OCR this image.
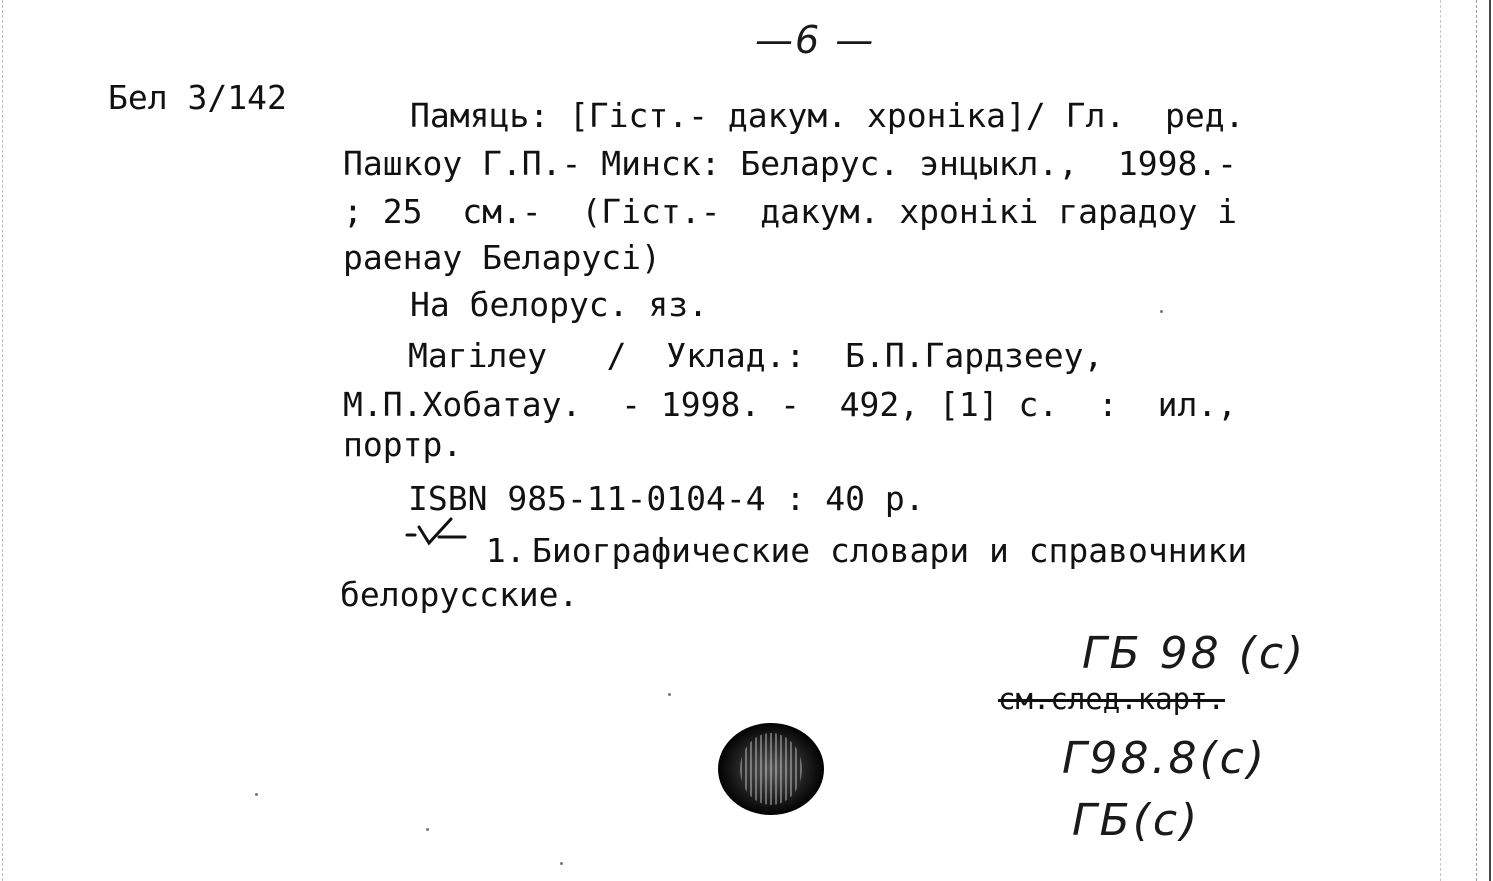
—6 —
Бел 3/142	Памяць: [Гіст.- дакум. хроніка]/ Гл.  ред.
Пашкоу Г.П.- Минск: Беларус. энцыкл.,  1998.-
; 25  см.-  (Гіст.-  дакум. хронікі гарадоу і
раенау Беларусі)
На белорус. яз.
Магілеу   /  Уклад.:  Б.П.Гардзееу,
М.П.Хобатау.  - 1998. -  492, [1] с.  :  ил.,
портр.
ISBN 985-11-0104-4 : 40 р.
1. Биографические словари и справочники
белорусские.
ГБ 98 (с)
см.след.карт.
Г98.8(с)
ГБ(с)
